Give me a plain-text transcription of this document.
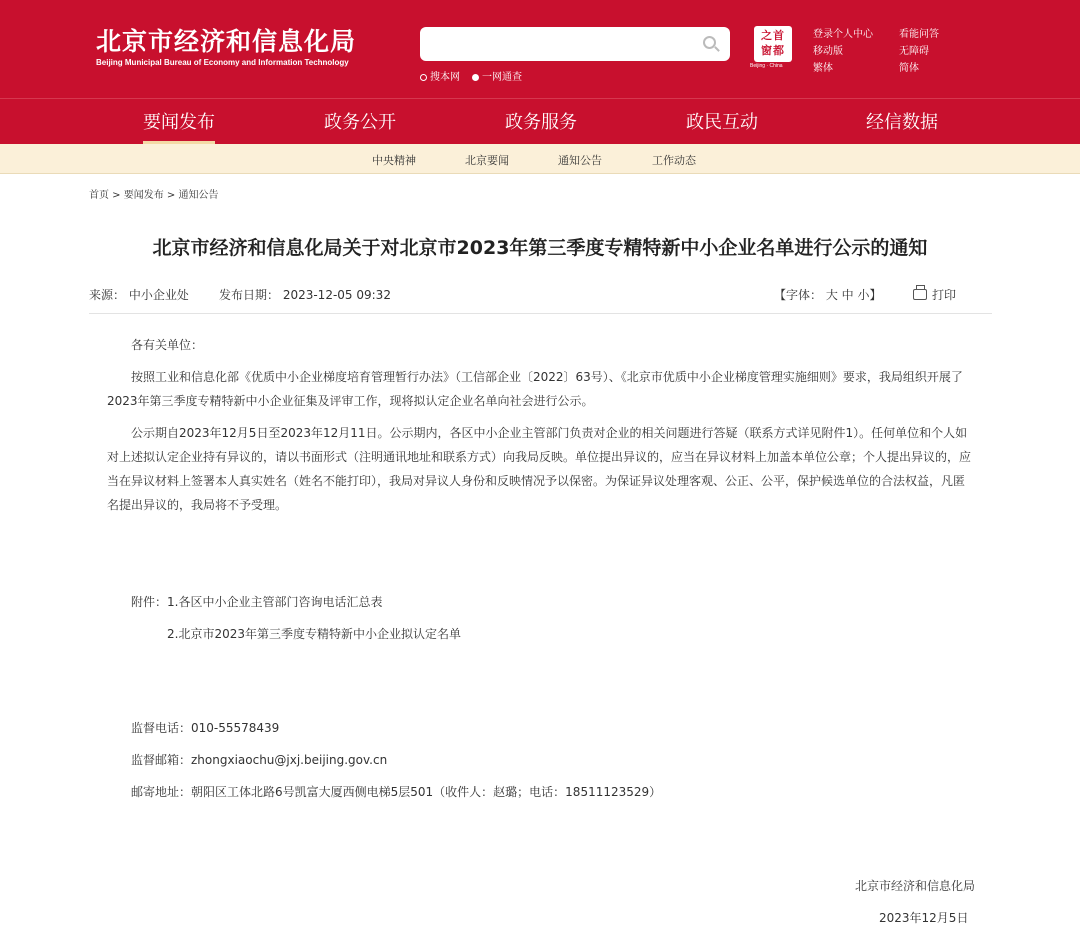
北京市经济和信息化局
Beijing Municipal Bureau of Economy and Information Technology
搜本网	一网通查
之首
窗都
Beijing · China
登录个人中心	看能问答
移动版	无障碍
繁体	简体
要闻发布	政务公开	政务服务	政民互动	经信数据
中央精神	北京要闻	通知公告	工作动态
首页 > 要闻发布 > 通知公告
北京市经济和信息化局关于对北京市2023年第三季度专精特新中小企业名单进行公示的通知
来源： 中小企业处	发布日期： 2023-12-05 09:32	【字体： 大 中 小】	打印
各有关单位：
按照工业和信息化部《优质中小企业梯度培育管理暂行办法》（工信部企业〔2022〕63号）、《北京市优质中小企业梯度管理实施细则》要求，我局组织开展了2023年第三季度专精特新中小企业征集及评审工作，现将拟认定企业名单向社会进行公示。
公示期自2023年12月5日至2023年12月11日。公示期内，各区中小企业主管部门负责对企业的相关问题进行答疑（联系方式详见附件1）。任何单位和个人如对上述拟认定企业持有异议的，请以书面形式（注明通讯地址和联系方式）向我局反映。单位提出异议的，应当在异议材料上加盖本单位公章；个人提出异议的，应当在异议材料上签署本人真实姓名（姓名不能打印），我局对异议人身份和反映情况予以保密。为保证异议处理客观、公正、公平，保护候选单位的合法权益，凡匿名提出异议的，我局将不予受理。
附件：1.各区中小企业主管部门咨询电话汇总表
2.北京市2023年第三季度专精特新中小企业拟认定名单
监督电话：010-55578439
监督邮箱：zhongxiaochu@jxj.beijing.gov.cn
邮寄地址：朝阳区工体北路6号凯富大厦西侧电梯5层501（收件人：赵璐；电话：18511123529）
北京市经济和信息化局
2023年12月5日
